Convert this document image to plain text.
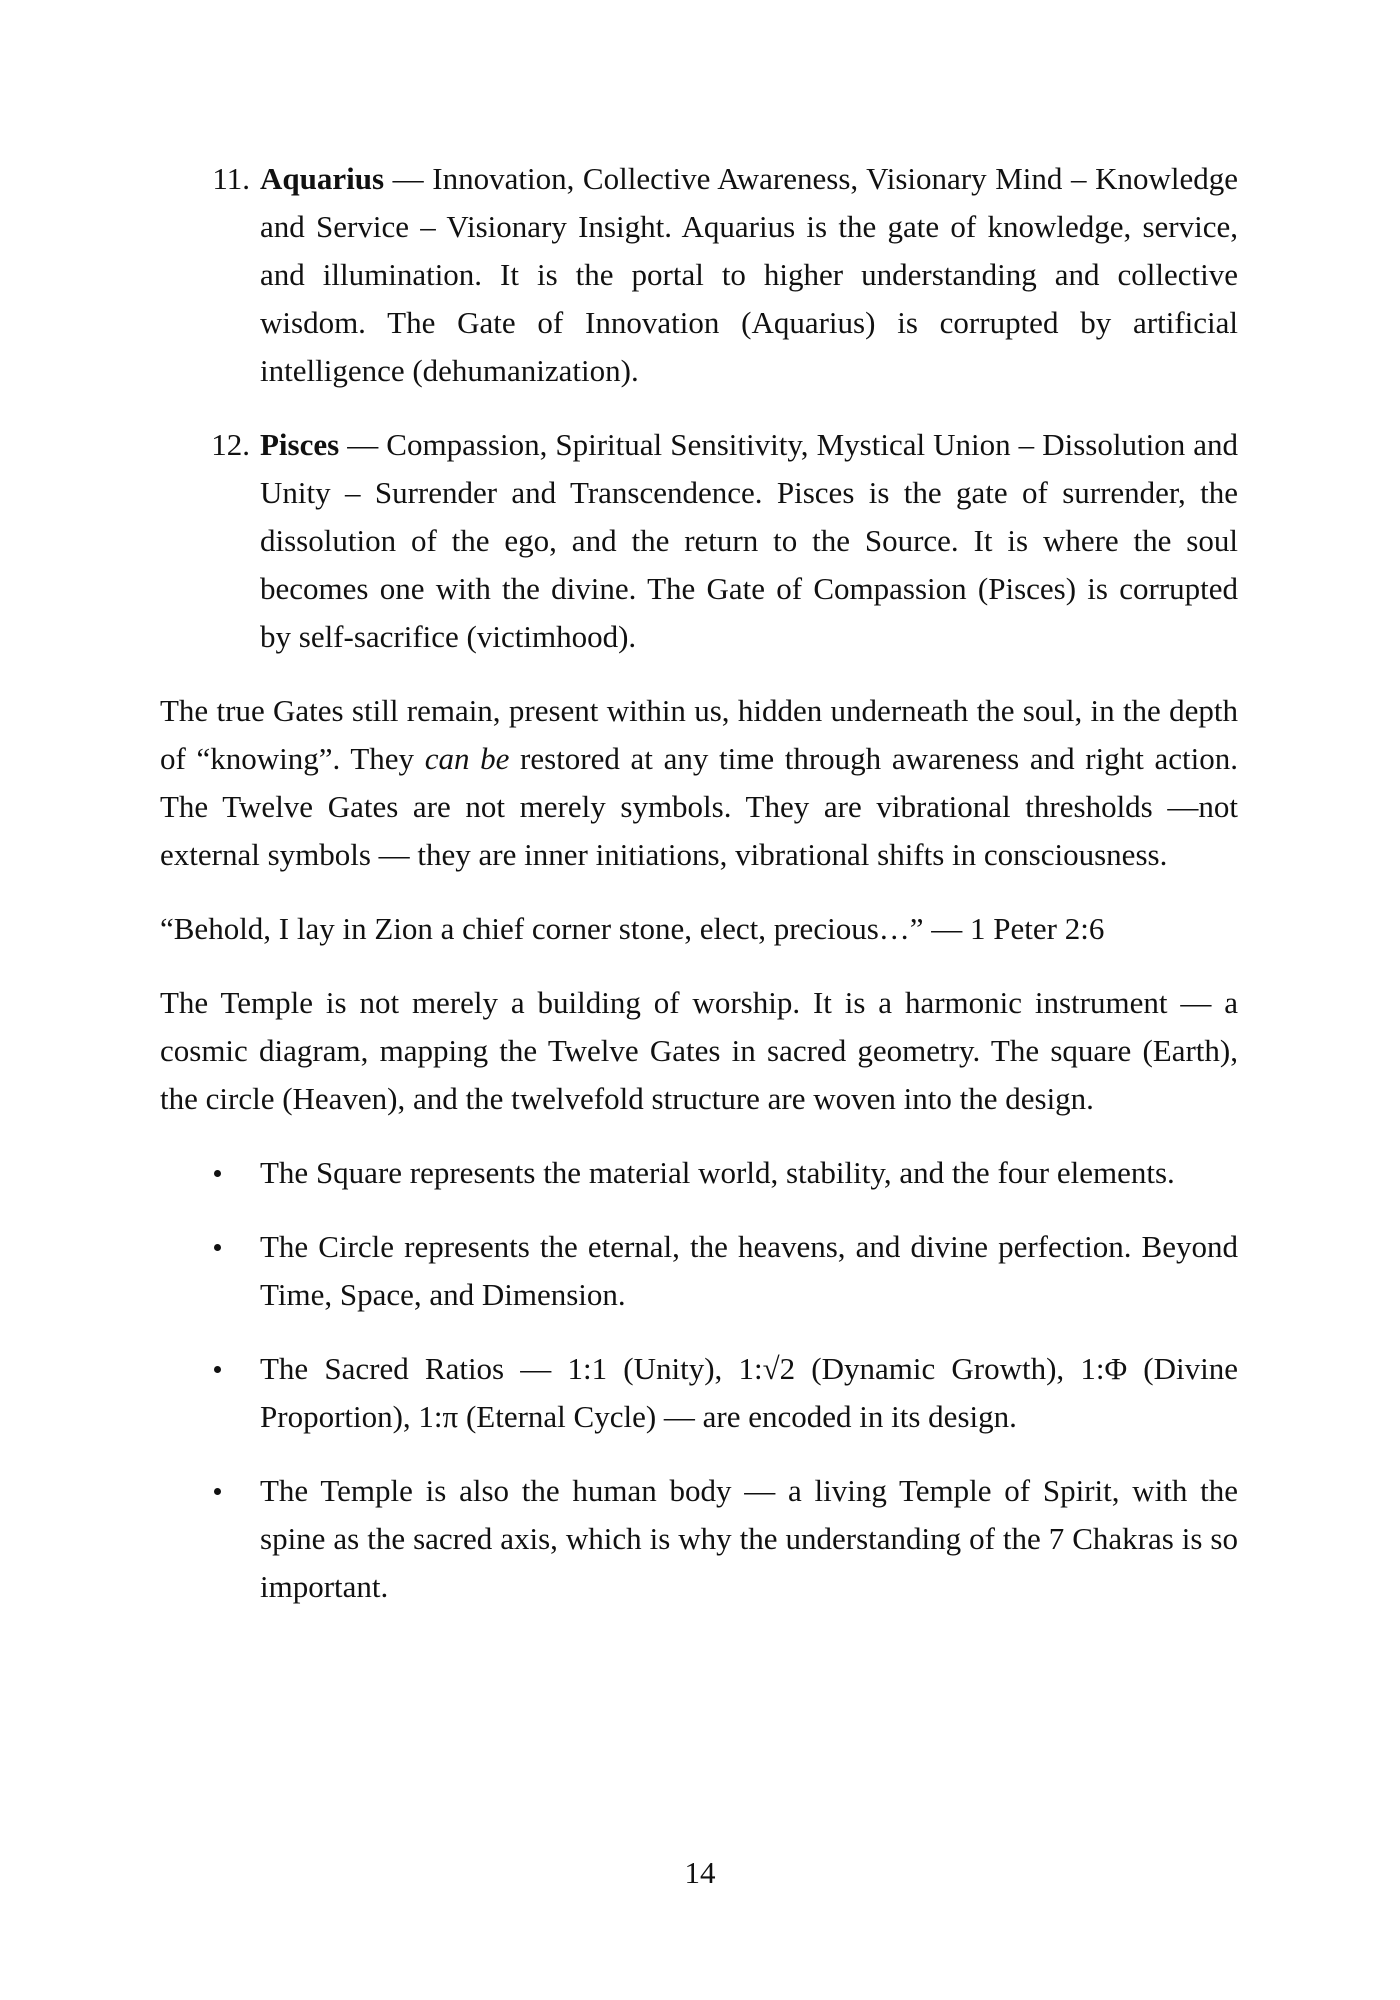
11. Aquarius — Innovation, Collective Awareness, Visionary Mind – Knowledge and Service – Visionary Insight. Aquarius is the gate of knowledge, service, and illumination. It is the portal to higher understanding and collective wisdom. The Gate of Innovation (Aquarius) is corrupted by artificial intelligence (dehumanization).

12. Pisces — Compassion, Spiritual Sensitivity, Mystical Union – Dissolution and Unity – Surrender and Transcendence. Pisces is the gate of surrender, the dissolution of the ego, and the return to the Source. It is where the soul becomes one with the divine. The Gate of Compassion (Pisces) is corrupted by self-sacrifice (victimhood).

The true Gates still remain, present within us, hidden underneath the soul, in the depth of “knowing”. They can be restored at any time through awareness and right action. The Twelve Gates are not merely symbols. They are vibrational thresholds —not external symbols — they are inner initiations, vibrational shifts in consciousness.

“Behold, I lay in Zion a chief corner stone, elect, precious…” — 1 Peter 2:6

The Temple is not merely a building of worship. It is a harmonic instrument — a cosmic diagram, mapping the Twelve Gates in sacred geometry. The square (Earth), the circle (Heaven), and the twelvefold structure are woven into the design.

The Square represents the material world, stability, and the four elements.
The Circle represents the eternal, the heavens, and divine perfection. Beyond Time, Space, and Dimension.
The Sacred Ratios — 1:1 (Unity), 1:√2 (Dynamic Growth), 1:Φ (Divine Proportion), 1:π (Eternal Cycle) — are encoded in its design.
The Temple is also the human body — a living Temple of Spirit, with the spine as the sacred axis, which is why the understanding of the 7 Chakras is so important.
14
